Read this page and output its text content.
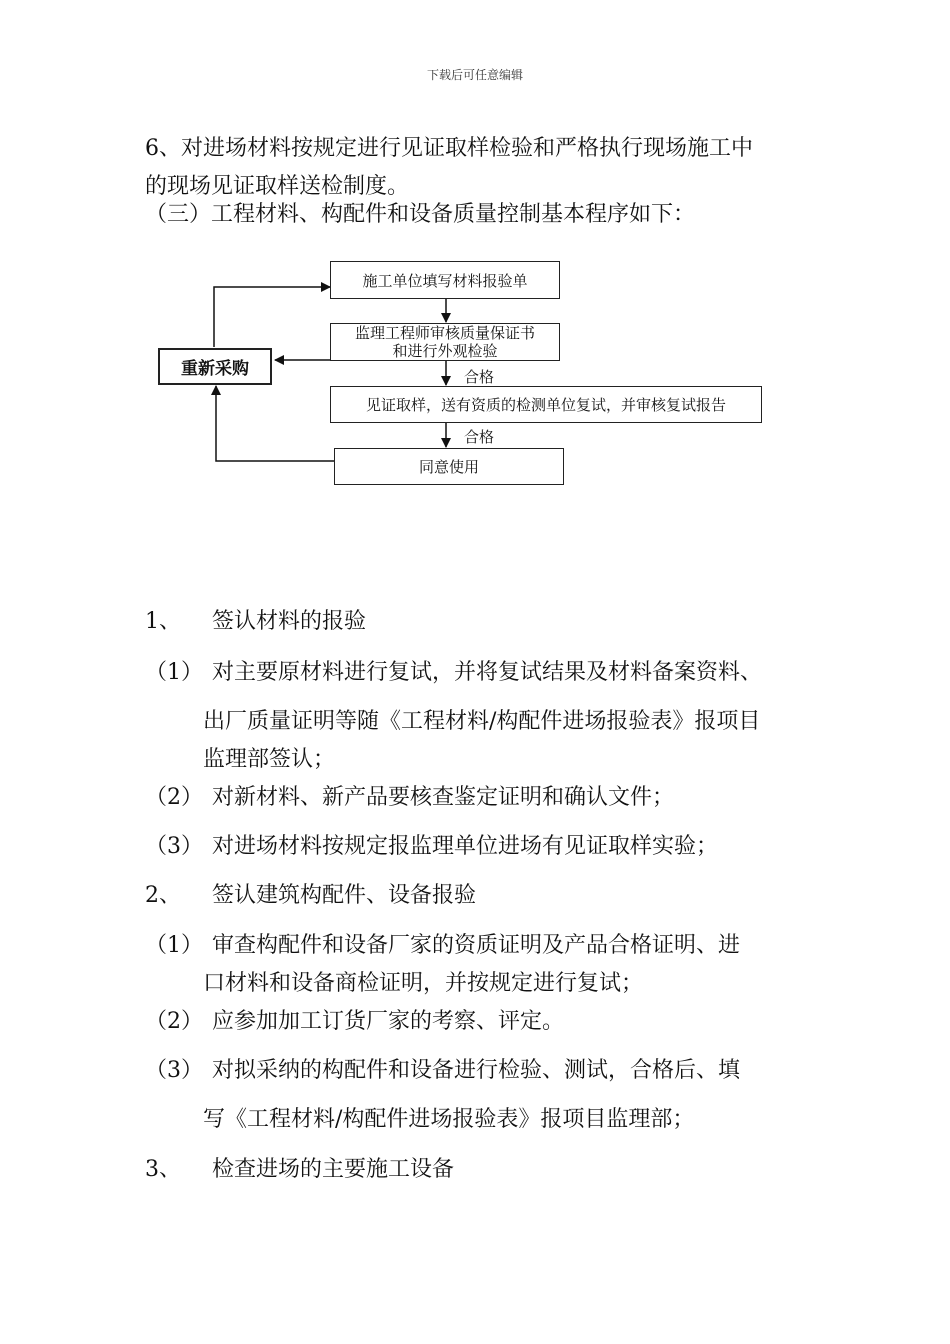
下载后可任意编辑
6、对进场材料按规定进行见证取样检验和严格执行现场施工中
的现场见证取样送检制度。
（三）工程材料、构配件和设备质量控制基本程序如下：
施工单位填写材料报验单
监理工程师审核质量保证书
和进行外观检验
合格
见证取样，送有资质的检测单位复试，并审核复试报告
合格
同意使用
重新采购
1、 签认材料的报验
（1） 对主要原材料进行复试，并将复试结果及材料备案资料、
出厂质量证明等随《工程材料/构配件进场报验表》报项目
监理部签认；
（2） 对新材料、新产品要核查鉴定证明和确认文件；
（3） 对进场材料按规定报监理单位进场有见证取样实验；
2、 签认建筑构配件、设备报验
（1） 审查构配件和设备厂家的资质证明及产品合格证明、进
口材料和设备商检证明，并按规定进行复试；
（2） 应参加加工订货厂家的考察、评定。
（3） 对拟采纳的构配件和设备进行检验、测试，合格后、填
写《工程材料/构配件进场报验表》报项目监理部；
3、 检查进场的主要施工设备
